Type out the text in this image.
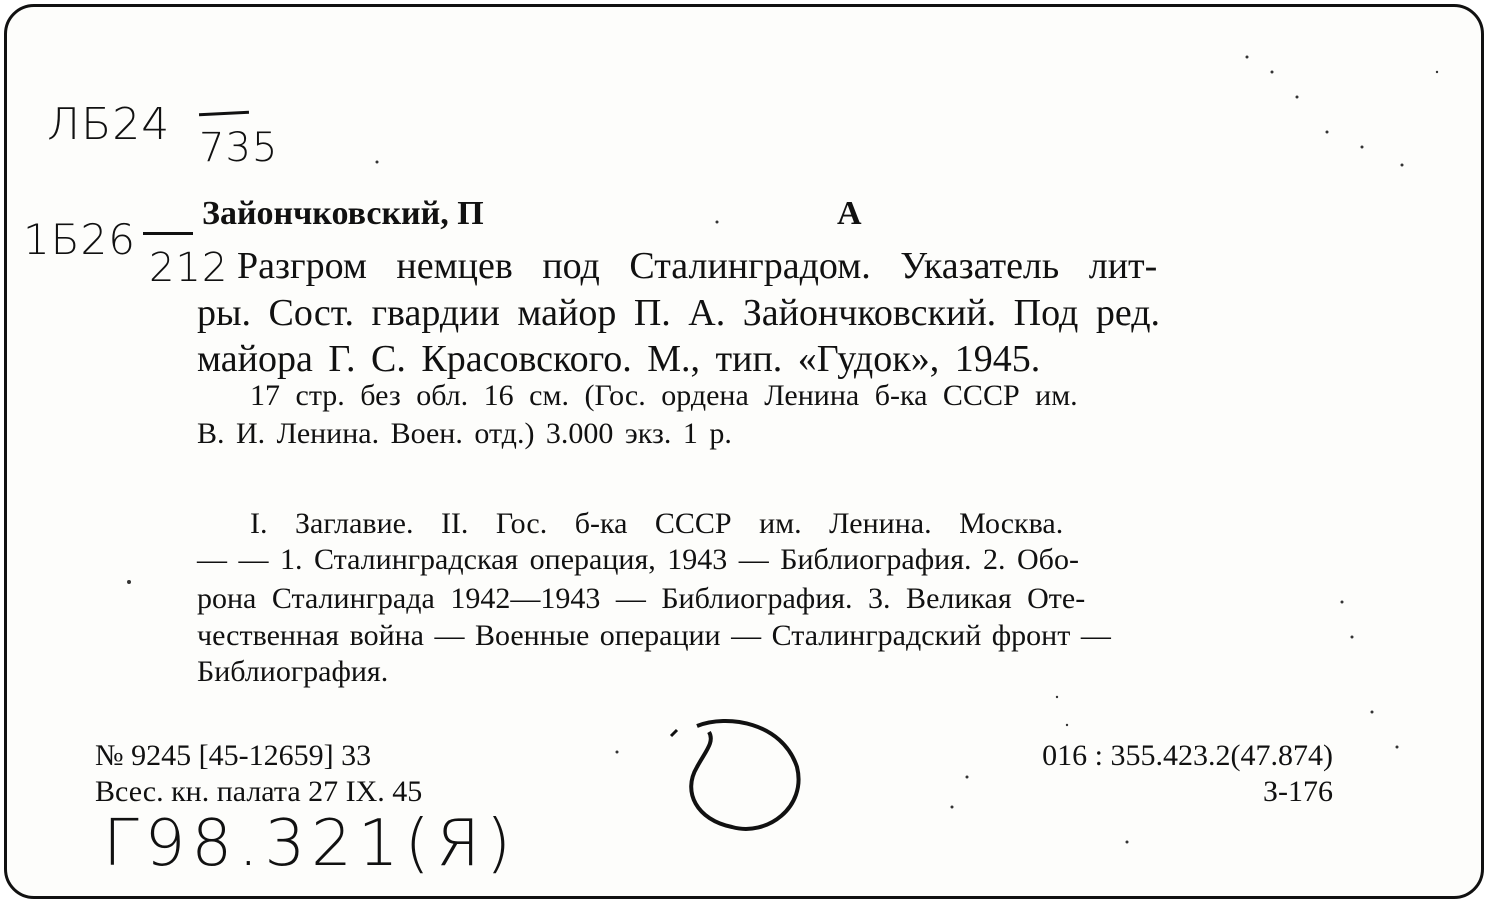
ЛБ24 735
1Б26
212
Зайончковский, П	А
Разгром немцев под Сталинградом. Указатель лит-
ры. Сост. гвардии майор П. А. Зайончковский. Под ред.
майора Г. С. Красовского. М., тип. «Гудок», 1945.
17 стр. без обл. 16 см. (Гос. ордена Ленина б-ка СССР им.
В. И. Ленина. Воен. отд.) 3.000 экз. 1 р.
I. Заглавие. II. Гос. б-ка СССР им. Ленина. Москва.
— — 1. Сталинградская операция, 1943 — Библиография. 2. Обо-
рона Сталинграда 1942—1943 — Библиография. 3. Великая Оте-
чественная война — Военные операции — Сталинградский фронт —
Библиография.
№ 9245 [45-12659] 33
Всес. кн. палата 27 IX. 45
016 : 355.423.2(47.874)
З-176
Г98.321(Я)
